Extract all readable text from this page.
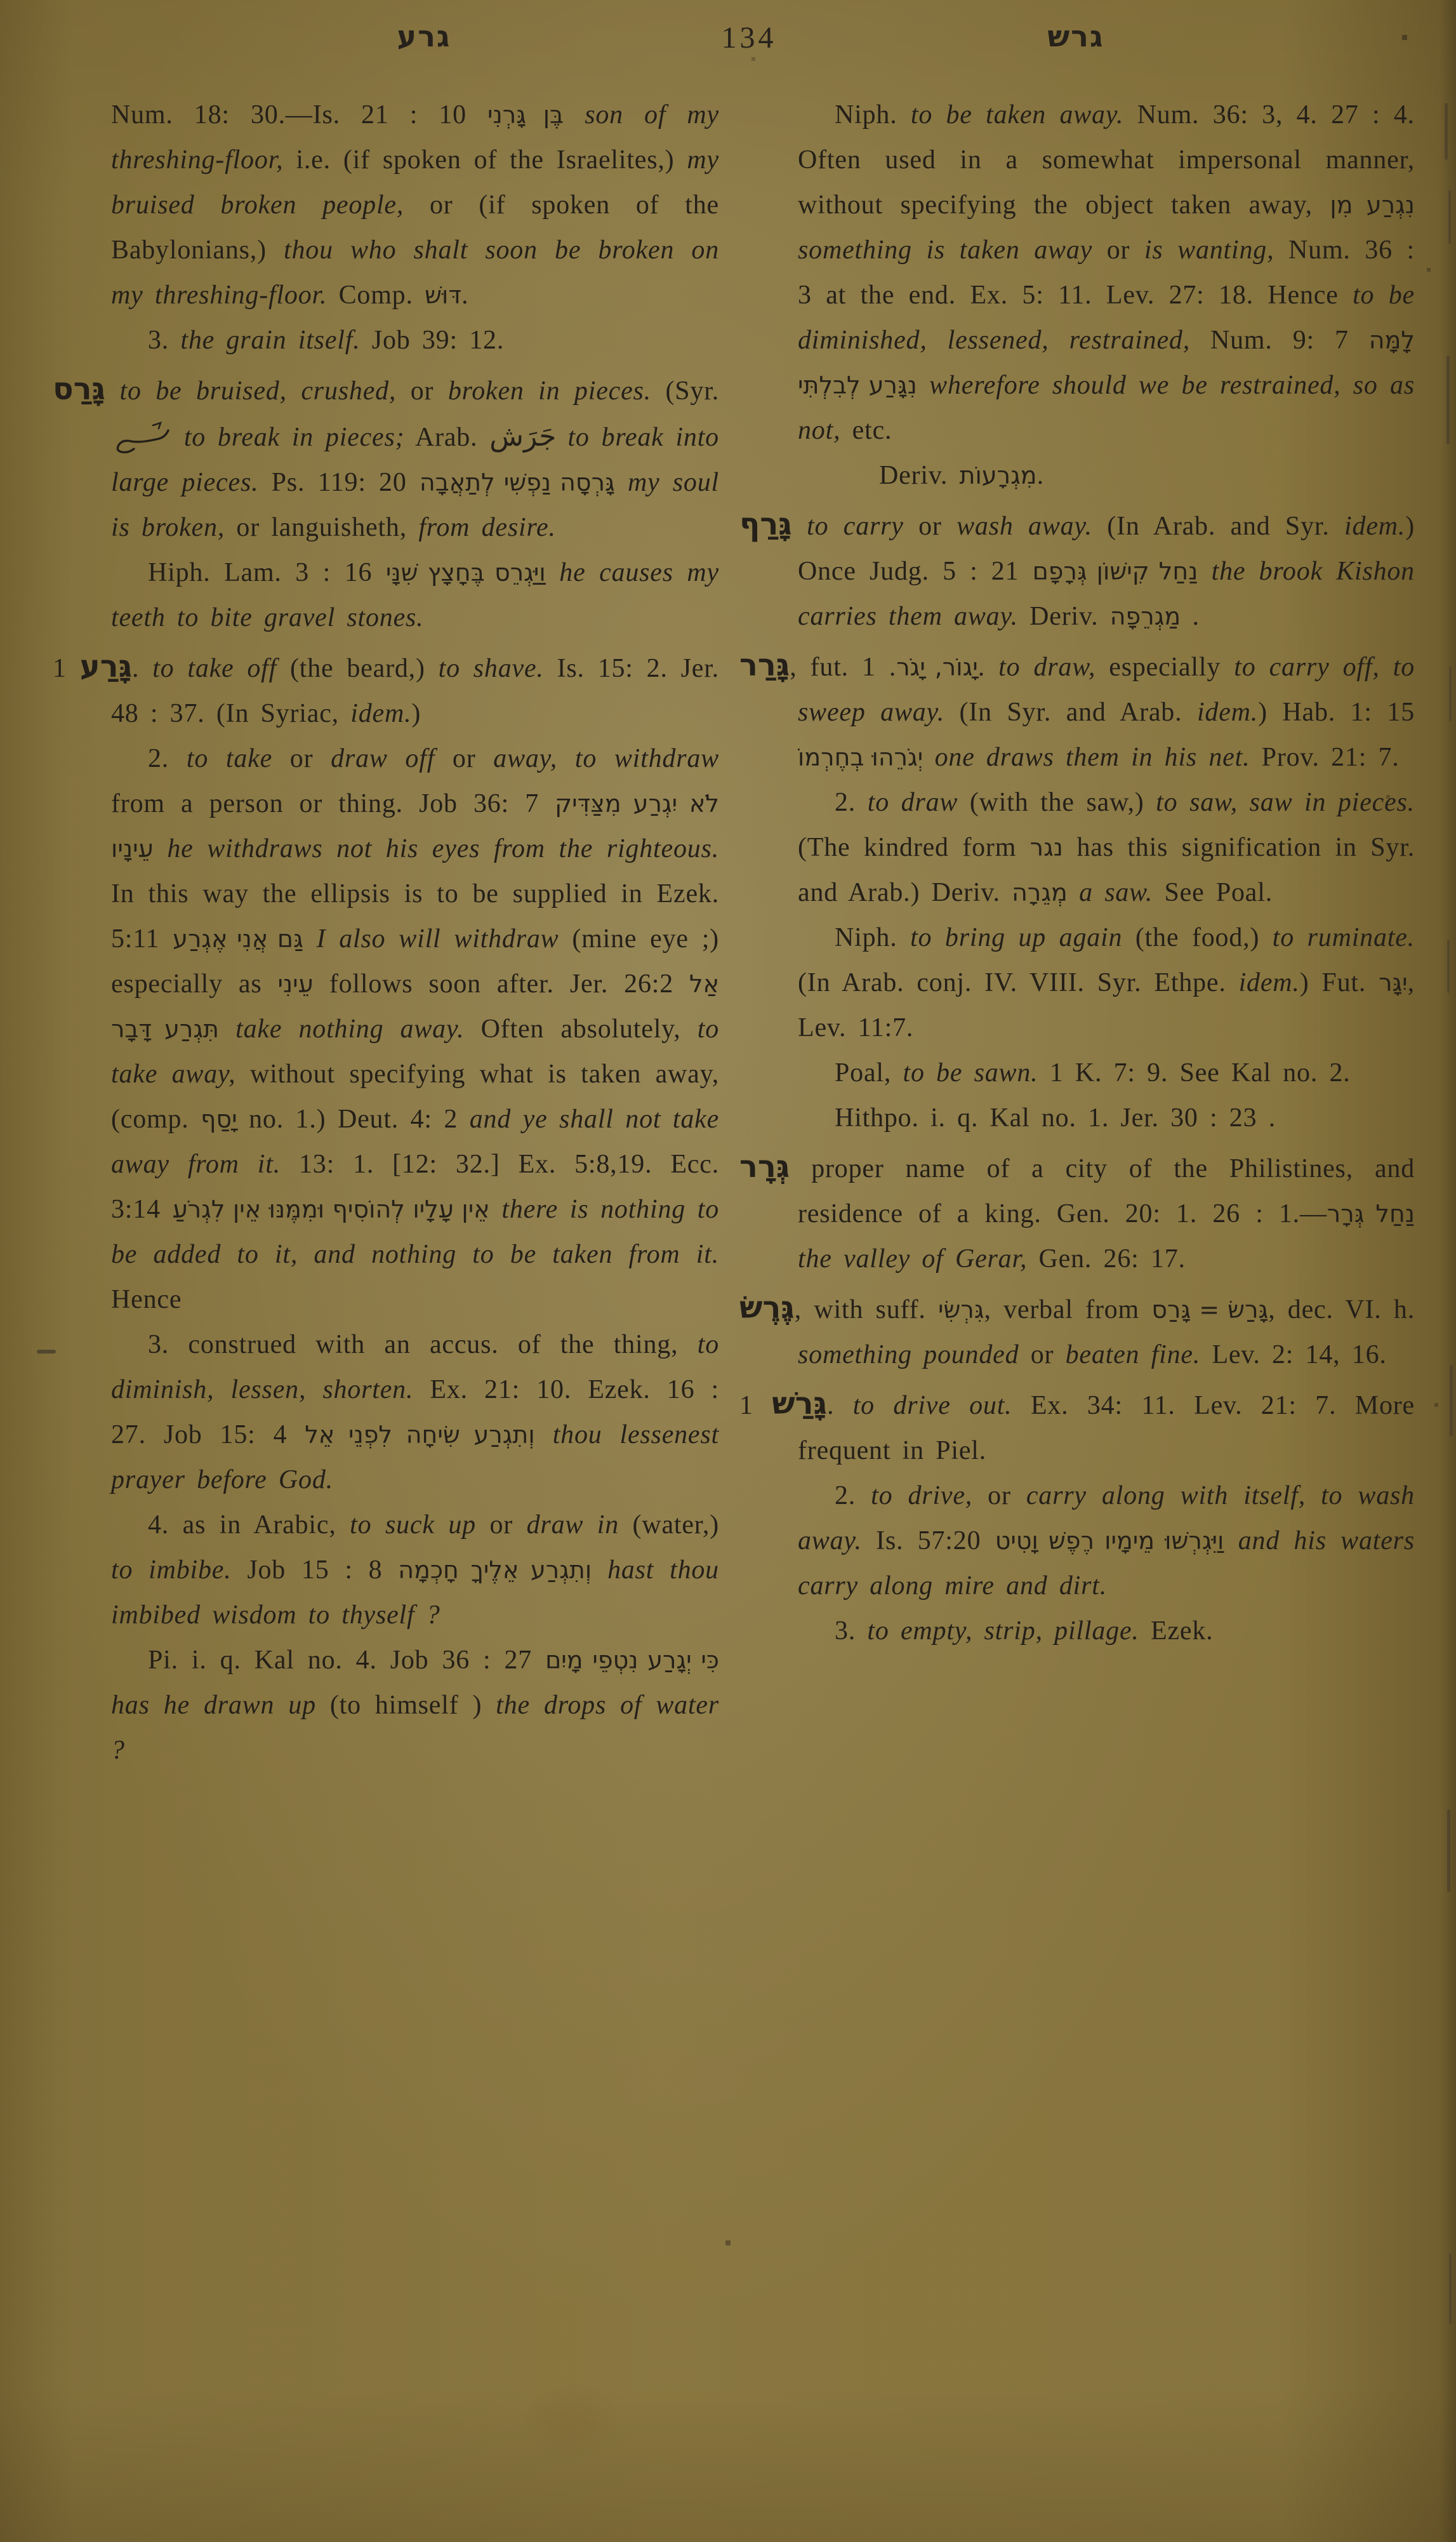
גרע	134	גרש

Num. 18: 30.—Is. 21 : 10 בֶּן גָּרְנִי son of my threshing-floor, i.e. (if spoken of the Israelites,) my bruised broken people, or (if spoken of the Babylonians,) thou who shalt soon be broken on my threshing-floor. Comp. דּוּשׁ.

3. the grain itself. Job 39: 12.

גָּרַס to be bruised, crushed, or broken in pieces. (Syr.  to break in pieces; Arab. جَرَش to break into large pieces. Ps. 119: 20 גָּרְסָה נַפְשִׁי לְתַאֲבָה my soul is broken, or languisheth, from desire.

Hiph. Lam. 3 : 16 וַיַּגְרֵס בֶּחָצָץ שִׁנָּי he causes my teeth to bite gravel stones.

גָּרַע 1. to take off (the beard,) to shave. Is. 15: 2. Jer. 48 : 37. (In Syriac, idem.)

2. to take or draw off or away, to withdraw from a person or thing. Job 36: 7 לֹא יִגְרַע מִצַּדִּיק עֵינָיו he withdraws not his eyes from the righteous. In this way the ellipsis is to be supplied in Ezek. 5:11 גַּם אֲנִי אֶגְרַע I also will withdraw (mine eye ;) especially as עֵינִי follows soon after. Jer. 26:2 אַל תִּגְרַע דָּבָר take nothing away. Often absolutely, to take away, without specifying what is taken away, (comp. יָסַף no. 1.) Deut. 4: 2 and ye shall not take away from it. 13: 1. [12: 32.] Ex. 5:8,19. Ecc. 3:14 אֵין עָלָיו לְהוֹסִיף וּמִמֶּנּוּ אֵין לִגְרֹעַ there is nothing to be added to it, and nothing to be taken from it. Hence

3. construed with an accus. of the thing, to diminish, lessen, shorten. Ex. 21: 10. Ezek. 16 : 27. Job 15: 4 וְתִגְרַע שִׂיחָה לִפְנֵי אֵל thou lessenest prayer before God.

4. as in Arabic, to suck up or draw in (water,) to imbibe. Job 15 : 8 וְתִגְרַע אֵלֶיךָ חָכְמָה hast thou imbibed wisdom to thyself ?

Pi. i. q. Kal no. 4. Job 36 : 27 כִּי יְגָרַע נִטְפֵי מָיִם has he drawn up (to himself ) the drops of water ?

Niph. to be taken away. Num. 36: 3, 4. 27 : 4. Often used in a somewhat impersonal manner, without specifying the object taken away, נִגְרַע מִן something is taken away or is wanting, Num. 36 : 3 at the end. Ex. 5: 11. Lev. 27: 18. Hence to be diminished, lessened, restrained, Num. 9: 7 לָמָּה נִגָּרַע לְבִלְתִּי wherefore should we be restrained, so as not, etc.

Deriv. מִגְרָעוֹת.

גָּרַף to carry or wash away. (In Arab. and Syr. idem.) Once Judg. 5 : 21 נַחַל קִישׁוֹן גְּרָפָם the brook Kishon carries them away. Deriv. מַגְרֵפָה .

גָּרַר, fut. יָגוֹר, יָגֹר. 1. to draw, especially to carry off, to sweep away. (In Syr. and Arab. idem.) Hab. 1: 15 יְגֹרֵהוּ בְחֶרְמוֹ one draws them in his net. Prov. 21: 7.

2. to draw (with the saw,) to saw, saw in pieces. (The kindred form נגר has this signification in Syr. and Arab.) Deriv. מְגֵרָה a saw. See Poal.

Niph. to bring up again (the food,) to ruminate. (In Arab. conj. IV. VIII. Syr. Ethpe. idem.) Fut. יִגָּר, Lev. 11:7.

Poal, to be sawn. 1 K. 7: 9. See Kal no. 2.

Hithpo. i. q. Kal no. 1. Jer. 30 : 23 .

גְּרָר proper name of a city of the Philistines, and residence of a king. Gen. 20: 1. 26 : 1.—נַחַל גְּרָר the valley of Gerar, Gen. 26: 17.

גֶּרֶשׂ, with suff. גִּרְשִׂי, verbal from גָּרַשׂ = גָּרַס, dec. VI. h. something pounded or beaten fine. Lev. 2: 14, 16.

גָּרַשׁ 1. to drive out. Ex. 34: 11. Lev. 21: 7. More frequent in Piel.

2. to drive, or carry along with itself, to wash away. Is. 57:20 וַיִּגְרְשׁוּ מֵימָיו רֶפֶשׁ וָטִיט and his waters carry along mire and dirt.

3. to empty, strip, pillage. Ezek.
